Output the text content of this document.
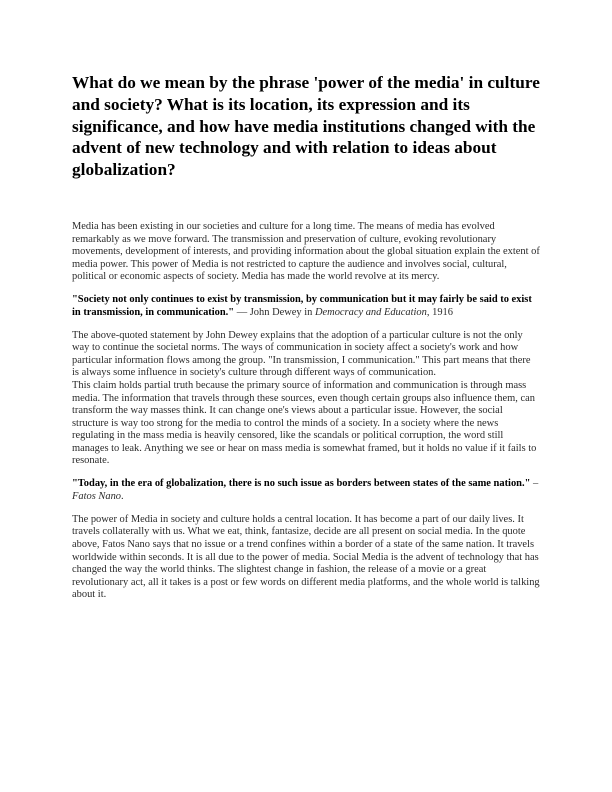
What do we mean by the phrase 'power of the media' in culture and society? What is its location, its expression and its significance, and how have media institutions changed with the advent of new technology and with relation to ideas about globalization?

Media has been existing in our societies and culture for a long time. The means of media has evolved remarkably as we move forward. The transmission and preservation of culture, evoking revolutionary movements, development of interests, and providing information about the global situation explain the extent of media power. This power of Media is not restricted to capture the audience and involves social, cultural, political or economic aspects of society. Media has made the world revolve at its mercy.

"Society not only continues to exist by transmission, by communication but it may fairly be said to exist in transmission, in communication." — John Dewey in Democracy and Education, 1916

The above-quoted statement by John Dewey explains that the adoption of a particular culture is not the only way to continue the societal norms. The ways of communication in society affect a society's work and how particular information flows among the group. "In transmission, I communication." This part means that there is always some influence in society's culture through different ways of communication.

This claim holds partial truth because the primary source of information and communication is through mass media. The information that travels through these sources, even though certain groups also influence them, can transform the way masses think. It can change one's views about a particular issue. However, the social structure is way too strong for the media to control the minds of a society. In a society where the news regulating in the mass media is heavily censored, like the scandals or political corruption, the word still manages to leak. Anything we see or hear on mass media is somewhat framed, but it holds no value if it fails to resonate.

"Today, in the era of globalization, there is no such issue as borders between states of the same nation." – Fatos Nano.

The power of Media in society and culture holds a central location. It has become a part of our daily lives. It travels collaterally with us. What we eat, think, fantasize, decide are all present on social media. In the quote above, Fatos Nano says that no issue or a trend confines within a border of a state of the same nation. It travels worldwide within seconds. It is all due to the power of media. Social Media is the advent of technology that has changed the way the world thinks. The slightest change in fashion, the release of a movie or a great revolutionary act, all it takes is a post or few words on different media platforms, and the whole world is talking about it.
